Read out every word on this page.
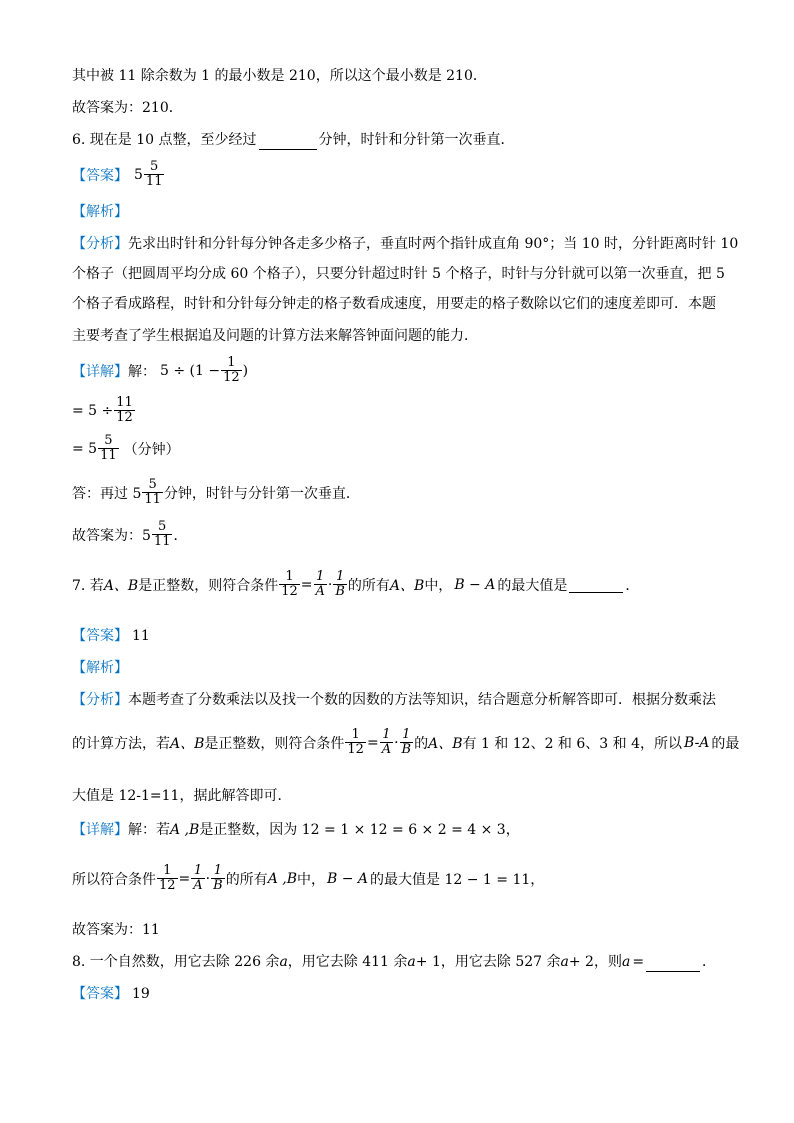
其中被 11 除余数为 1 的最小数是 210，所以这个最小数是 210．
故答案为：210．
6. 现在是 10 点整，至少经过	分钟，时针和分针第一次垂直．
【答案】 $5 \frac{5}{11}$
【解析】
【分析】先求出时针和分针每分钟各走多少格子，垂直时两个指针成直角 90°；当 10 时，分针距离时针 10
个格子（把圆周平均分成 60 个格子），只要分针超过时针 5 个格子，时针与分针就可以第一次垂直，把 5
个格子看成路程，时针和分针每分钟走的格子数看成速度，用要走的格子数除以它们的速度差即可．本题
主要考查了学生根据追及问题的计算方法来解答钟面问题的能力．
【详解】 解： $5 \div (1 - \frac{1}{12}$ )
= $5 \div \frac{11}{12}$
= $5 \frac{5}{11}$ （分钟）
答：再过 $5 \frac{5}{11}$ 分钟，时针与分针第一次垂直．
故答案为：$5 \frac{5}{11}$ ．
7. 若 A、B 是正整数，则符合条件 $\frac{1}{12} = \frac{1}{A} \cdot \frac{1}{B}$ 的所有 A、B 中， B − A 的最大值是	．
【答案】 11
【解析】
【分析】本题考查了分数乘法以及找一个数的因数的方法等知识，结合题意分析解答即可．根据分数乘法
的计算方法，若 A、B 是正整数，则符合条件 $\frac{1}{12} = \frac{1}{A} \cdot \frac{1}{B}$ 的 A、B 有 1 和 12、2 和 6、3 和 4，所以 B-A 的最
大值是 12-1=11，据此解答即可．
【详解】解：若A ,B是正整数，因为 12 = 1 × 12 = 6 × 2 = 4 × 3，
所以符合条件 $\frac{1}{12} = \frac{1}{A} \cdot \frac{1}{B}$ 的所有 A ,B 中， B − A 的最大值是 12 − 1 = 11，
故答案为：11
8. 一个自然数，用它去除 226 余a，用它去除 411 余a+ 1，用它去除 527 余a+ 2，则a =	．
【答案】 19
